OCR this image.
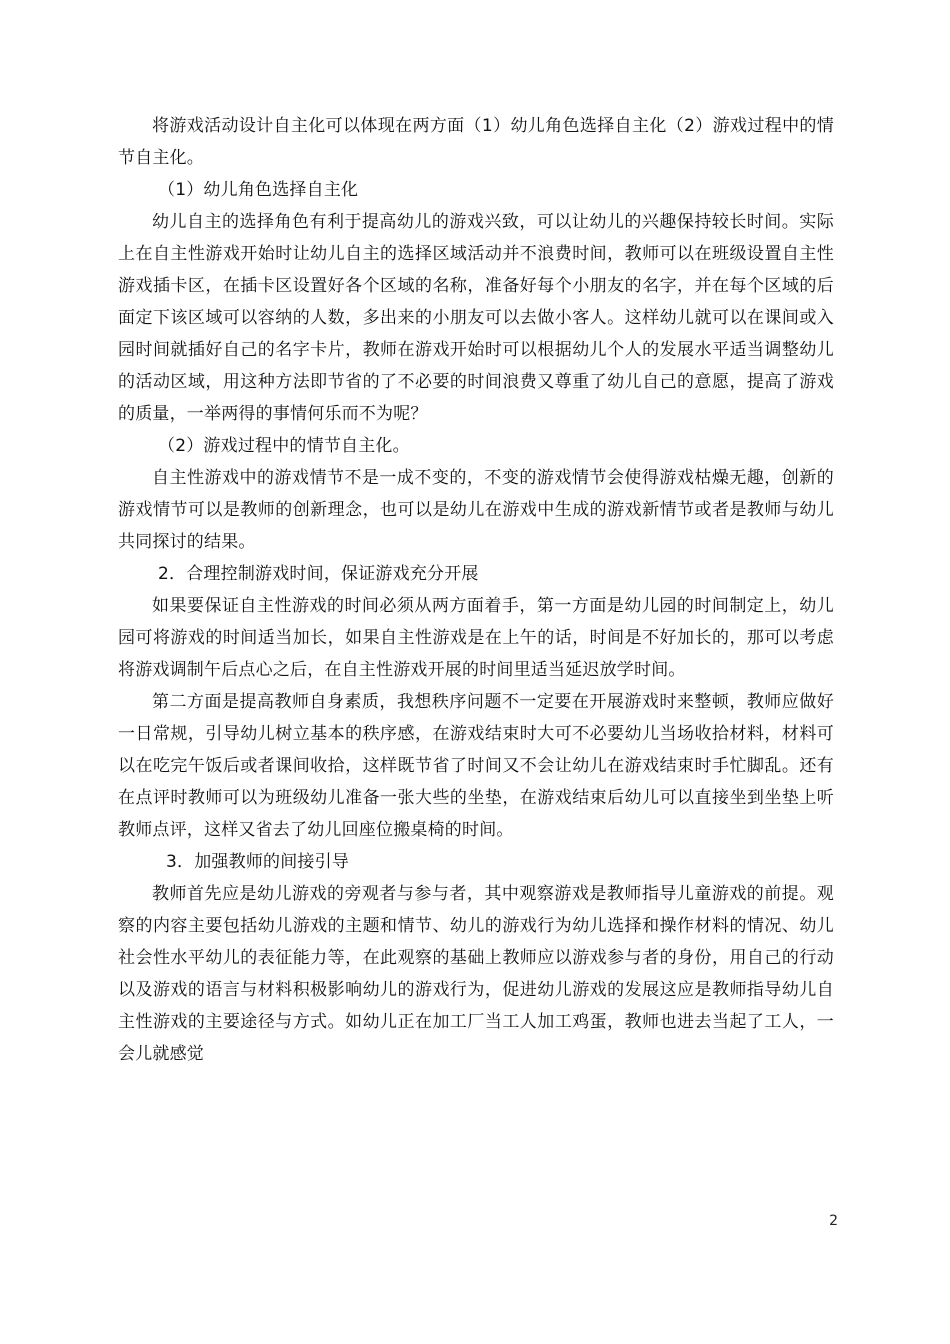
将游戏活动设计自主化可以体现在两方面（1）幼儿角色选择自主化（2）游戏过程中的情节自主化。

（1）幼儿角色选择自主化

幼儿自主的选择角色有利于提高幼儿的游戏兴致，可以让幼儿的兴趣保持较长时间。实际上在自主性游戏开始时让幼儿自主的选择区域活动并不浪费时间，教师可以在班级设置自主性游戏插卡区，在插卡区设置好各个区域的名称，准备好每个小朋友的名字，并在每个区域的后面定下该区域可以容纳的人数，多出来的小朋友可以去做小客人。这样幼儿就可以在课间或入园时间就插好自己的名字卡片，教师在游戏开始时可以根据幼儿个人的发展水平适当调整幼儿的活动区域，用这种方法即节省的了不必要的时间浪费又尊重了幼儿自己的意愿，提高了游戏的质量，一举两得的事情何乐而不为呢？

（2）游戏过程中的情节自主化。

自主性游戏中的游戏情节不是一成不变的，不变的游戏情节会使得游戏枯燥无趣，创新的游戏情节可以是教师的创新理念，也可以是幼儿在游戏中生成的游戏新情节或者是教师与幼儿共同探讨的结果。

2．合理控制游戏时间，保证游戏充分开展

如果要保证自主性游戏的时间必须从两方面着手，第一方面是幼儿园的时间制定上，幼儿园可将游戏的时间适当加长，如果自主性游戏是在上午的话，时间是不好加长的，那可以考虑将游戏调制午后点心之后，在自主性游戏开展的时间里适当延迟放学时间。

第二方面是提高教师自身素质，我想秩序问题不一定要在开展游戏时来整顿，教师应做好一日常规，引导幼儿树立基本的秩序感，在游戏结束时大可不必要幼儿当场收拾材料，材料可以在吃完午饭后或者课间收拾，这样既节省了时间又不会让幼儿在游戏结束时手忙脚乱。还有在点评时教师可以为班级幼儿准备一张大些的坐垫，在游戏结束后幼儿可以直接坐到坐垫上听教师点评，这样又省去了幼儿回座位搬桌椅的时间。

3．加强教师的间接引导

教师首先应是幼儿游戏的旁观者与参与者，其中观察游戏是教师指导儿童游戏的前提。观察的内容主要包括幼儿游戏的主题和情节、幼儿的游戏行为幼儿选择和操作材料的情况、幼儿社会性水平幼儿的表征能力等，在此观察的基础上教师应以游戏参与者的身份，用自己的行动以及游戏的语言与材料积极影响幼儿的游戏行为，促进幼儿游戏的发展这应是教师指导幼儿自主性游戏的主要途径与方式。如幼儿正在加工厂当工人加工鸡蛋，教师也进去当起了工人，一会儿就感觉

2
